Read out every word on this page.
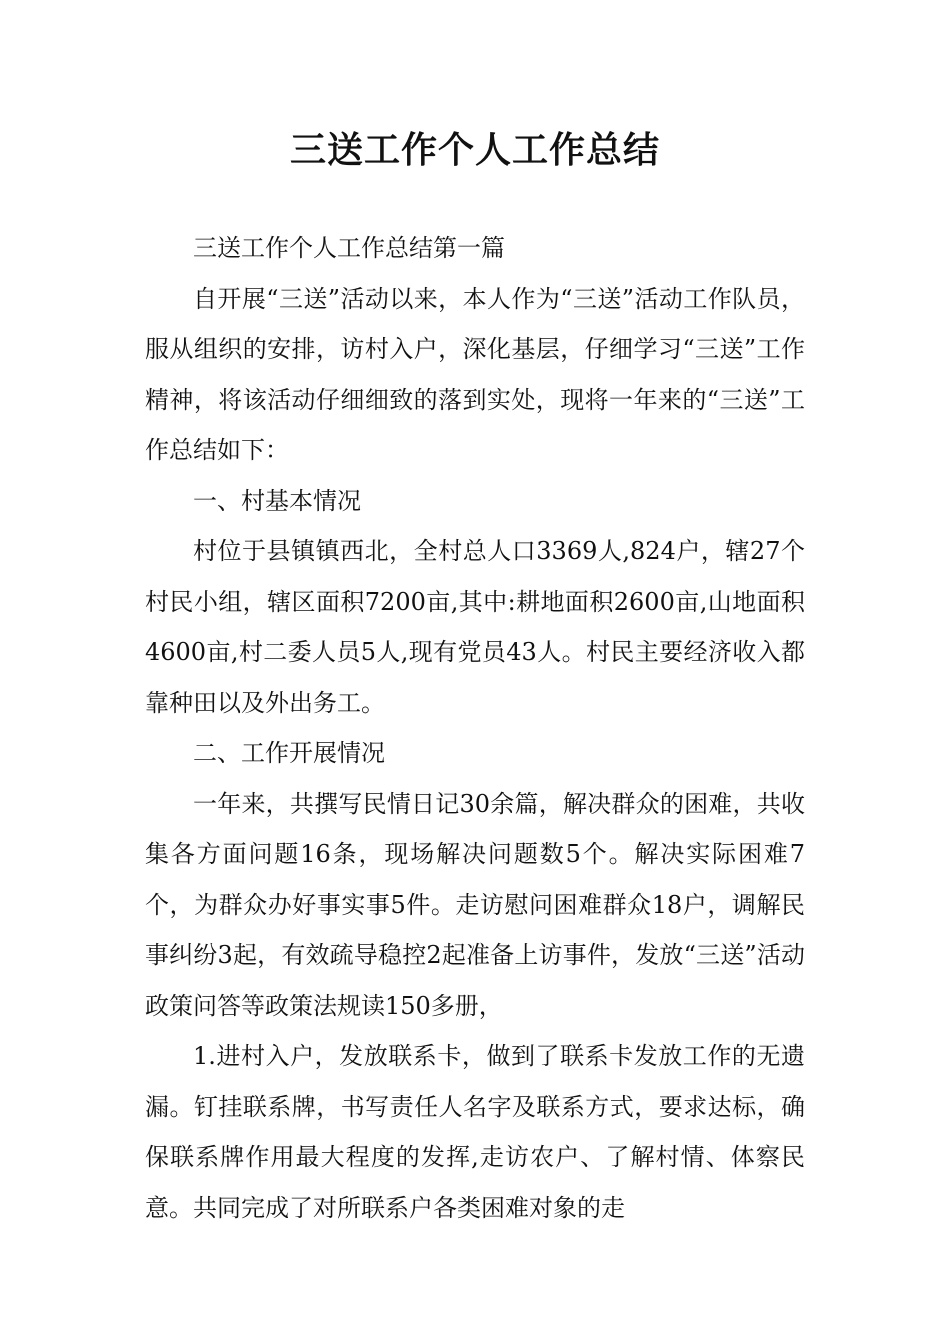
三送工作个人工作总结

三送工作个人工作总结第一篇

自开展“三送”活动以来，本人作为“三送”活动工作队员，服从组织的安排，访村入户，深化基层，仔细学习“三送”工作精神，将该活动仔细细致的落到实处，现将一年来的“三送”工作总结如下：

一、村基本情况

村位于县镇镇西北，全村总人口3369人,824户，辖27个村民小组，辖区面积7200亩,其中:耕地面积2600亩,山地面积4600亩,村二委人员5人,现有党员43人。村民主要经济收入都靠种田以及外出务工。

二、工作开展情况

一年来，共撰写民情日记30余篇，解决群众的困难，共收集各方面问题16条，现场解决问题数5个。解决实际困难7个，为群众办好事实事5件。走访慰问困难群众18户，调解民事纠纷3起，有效疏导稳控2起准备上访事件，发放“三送”活动政策问答等政策法规读150多册，

1.进村入户，发放联系卡，做到了联系卡发放工作的无遗漏。钉挂联系牌，书写责任人名字及联系方式，要求达标，确保联系牌作用最大程度的发挥,走访农户、了解村情、体察民意。共同完成了对所联系户各类困难对象的走
